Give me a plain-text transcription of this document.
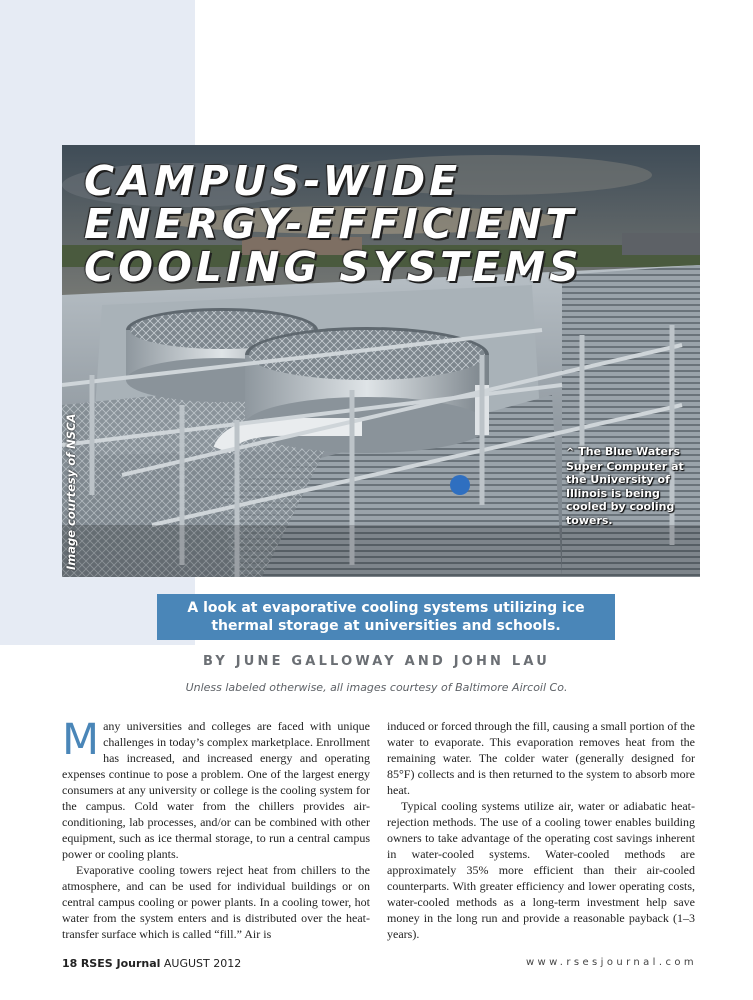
CAMPUS-WIDE
ENERGY-EFFICIENT
COOLING SYSTEMS
Image courtesy of NSCA	^ The Blue Waters Super Computer at the University of Illinois is being cooled by cooling towers.
A look at evaporative cooling systems utilizing ice thermal storage at universities and schools.
BY JUNE GALLOWAY AND JOHN LAU
Unless labeled otherwise, all images courtesy of Baltimore Aircoil Co.

Many universities and colleges are faced with unique challenges in today’s complex marketplace. Enrollment has increased, and increased energy and operating expenses continue to pose a problem. One of the largest energy consumers at any university or college is the cooling system for the campus. Cold water from the chillers provides air-conditioning, lab processes, and/or can be combined with other equipment, such as ice thermal storage, to run a central campus power or cooling plants.

Evaporative cooling towers reject heat from chillers to the atmosphere, and can be used for individual buildings or on central campus cooling or power plants. In a cooling tower, hot water from the system enters and is distributed over the heat-transfer surface which is called “fill.” Air is

induced or forced through the fill, causing a small portion of the water to evaporate. This evaporation removes heat from the remaining water. The colder water (generally designed for 85°F) collects and is then returned to the system to absorb more heat.

Typical cooling systems utilize air, water or adiabatic heat-rejection methods. The use of a cooling tower enables building owners to take advantage of the operating cost savings inherent in water-cooled systems. Water-cooled methods are approximately 35% more efficient than their air-cooled counterparts. With greater efficiency and lower operating costs, water-cooled methods as a long-term investment help save money in the long run and provide a reasonable payback (1–3 years).

18 RSES Journal AUGUST 2012	www.rsesjournal.com
